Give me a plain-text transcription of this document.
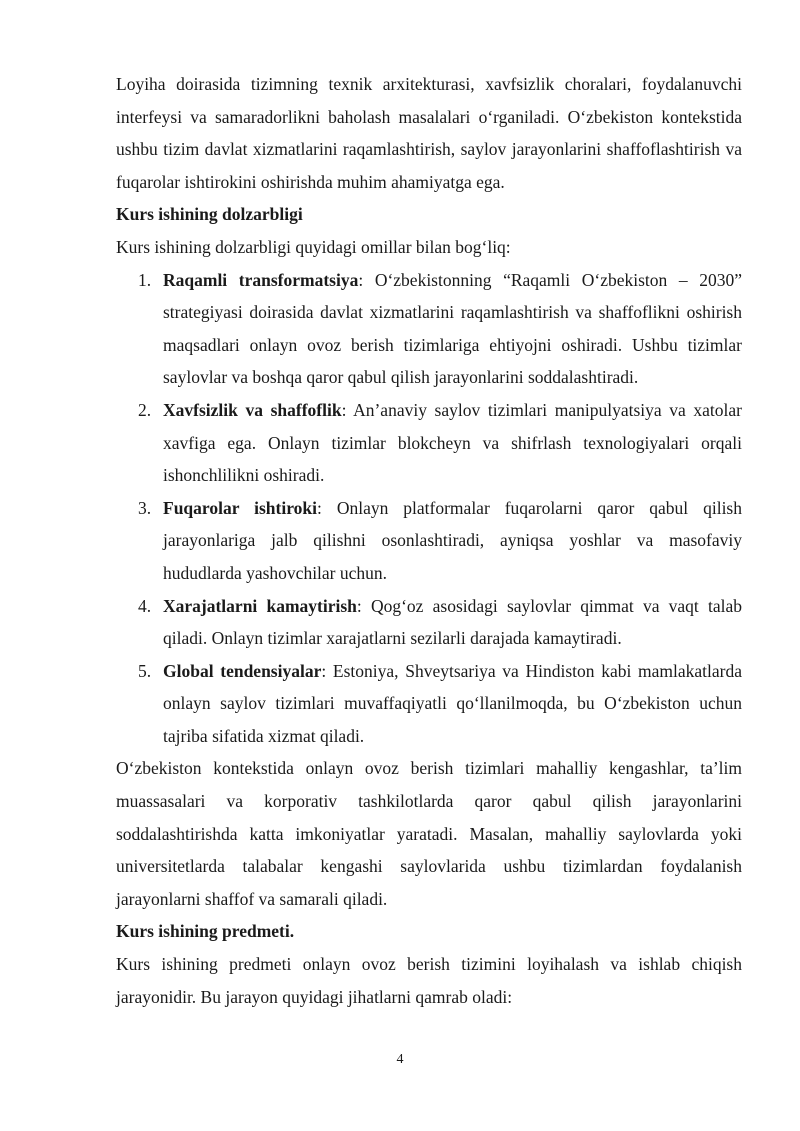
Loyiha doirasida tizimning texnik arxitekturasi, xavfsizlik choralari, foydalanuvchi interfeysi va samaradorlikni baholash masalalari o‘rganiladi. O‘zbekiston kontekstida ushbu tizim davlat xizmatlarini raqamlashtirish, saylov jarayonlarini shaffoflashtirish va fuqarolar ishtirokini oshirishda muhim ahamiyatga ega.

Kurs ishining dolzarbligi

Kurs ishining dolzarbligi quyidagi omillar bilan bog‘liq:

1. Raqamli transformatsiya: O‘zbekistonning “Raqamli O‘zbekiston – 2030” strategiyasi doirasida davlat xizmatlarini raqamlashtirish va shaffoflikni oshirish maqsadlari onlayn ovoz berish tizimlariga ehtiyojni oshiradi. Ushbu tizimlar saylovlar va boshqa qaror qabul qilish jarayonlarini soddalashtiradi.
2. Xavfsizlik va shaffoflik: An’anaviy saylov tizimlari manipulyatsiya va xatolar xavfiga ega. Onlayn tizimlar blokcheyn va shifrlash texnologiyalari orqali ishonchlilikni oshiradi.
3. Fuqarolar ishtiroki: Onlayn platformalar fuqarolarni qaror qabul qilish jarayonlariga jalb qilishni osonlashtiradi, ayniqsa yoshlar va masofaviy hududlarda yashovchilar uchun.
4. Xarajatlarni kamaytirish: Qog‘oz asosidagi saylovlar qimmat va vaqt talab qiladi. Onlayn tizimlar xarajatlarni sezilarli darajada kamaytiradi.
5. Global tendensiyalar: Estoniya, Shveytsariya va Hindiston kabi mamlakatlarda onlayn saylov tizimlari muvaffaqiyatli qo‘llanilmoqda, bu O‘zbekiston uchun tajriba sifatida xizmat qiladi.

O‘zbekiston kontekstida onlayn ovoz berish tizimlari mahalliy kengashlar, ta’lim muassasalari va korporativ tashkilotlarda qaror qabul qilish jarayonlarini soddalashtirishda katta imkoniyatlar yaratadi. Masalan, mahalliy saylovlarda yoki universitetlarda talabalar kengashi saylovlarida ushbu tizimlardan foydalanish jarayonlarni shaffof va samarali qiladi.

Kurs ishining predmeti.

Kurs ishining predmeti onlayn ovoz berish tizimini loyihalash va ishlab chiqish jarayonidir. Bu jarayon quyidagi jihatlarni qamrab oladi:

4
